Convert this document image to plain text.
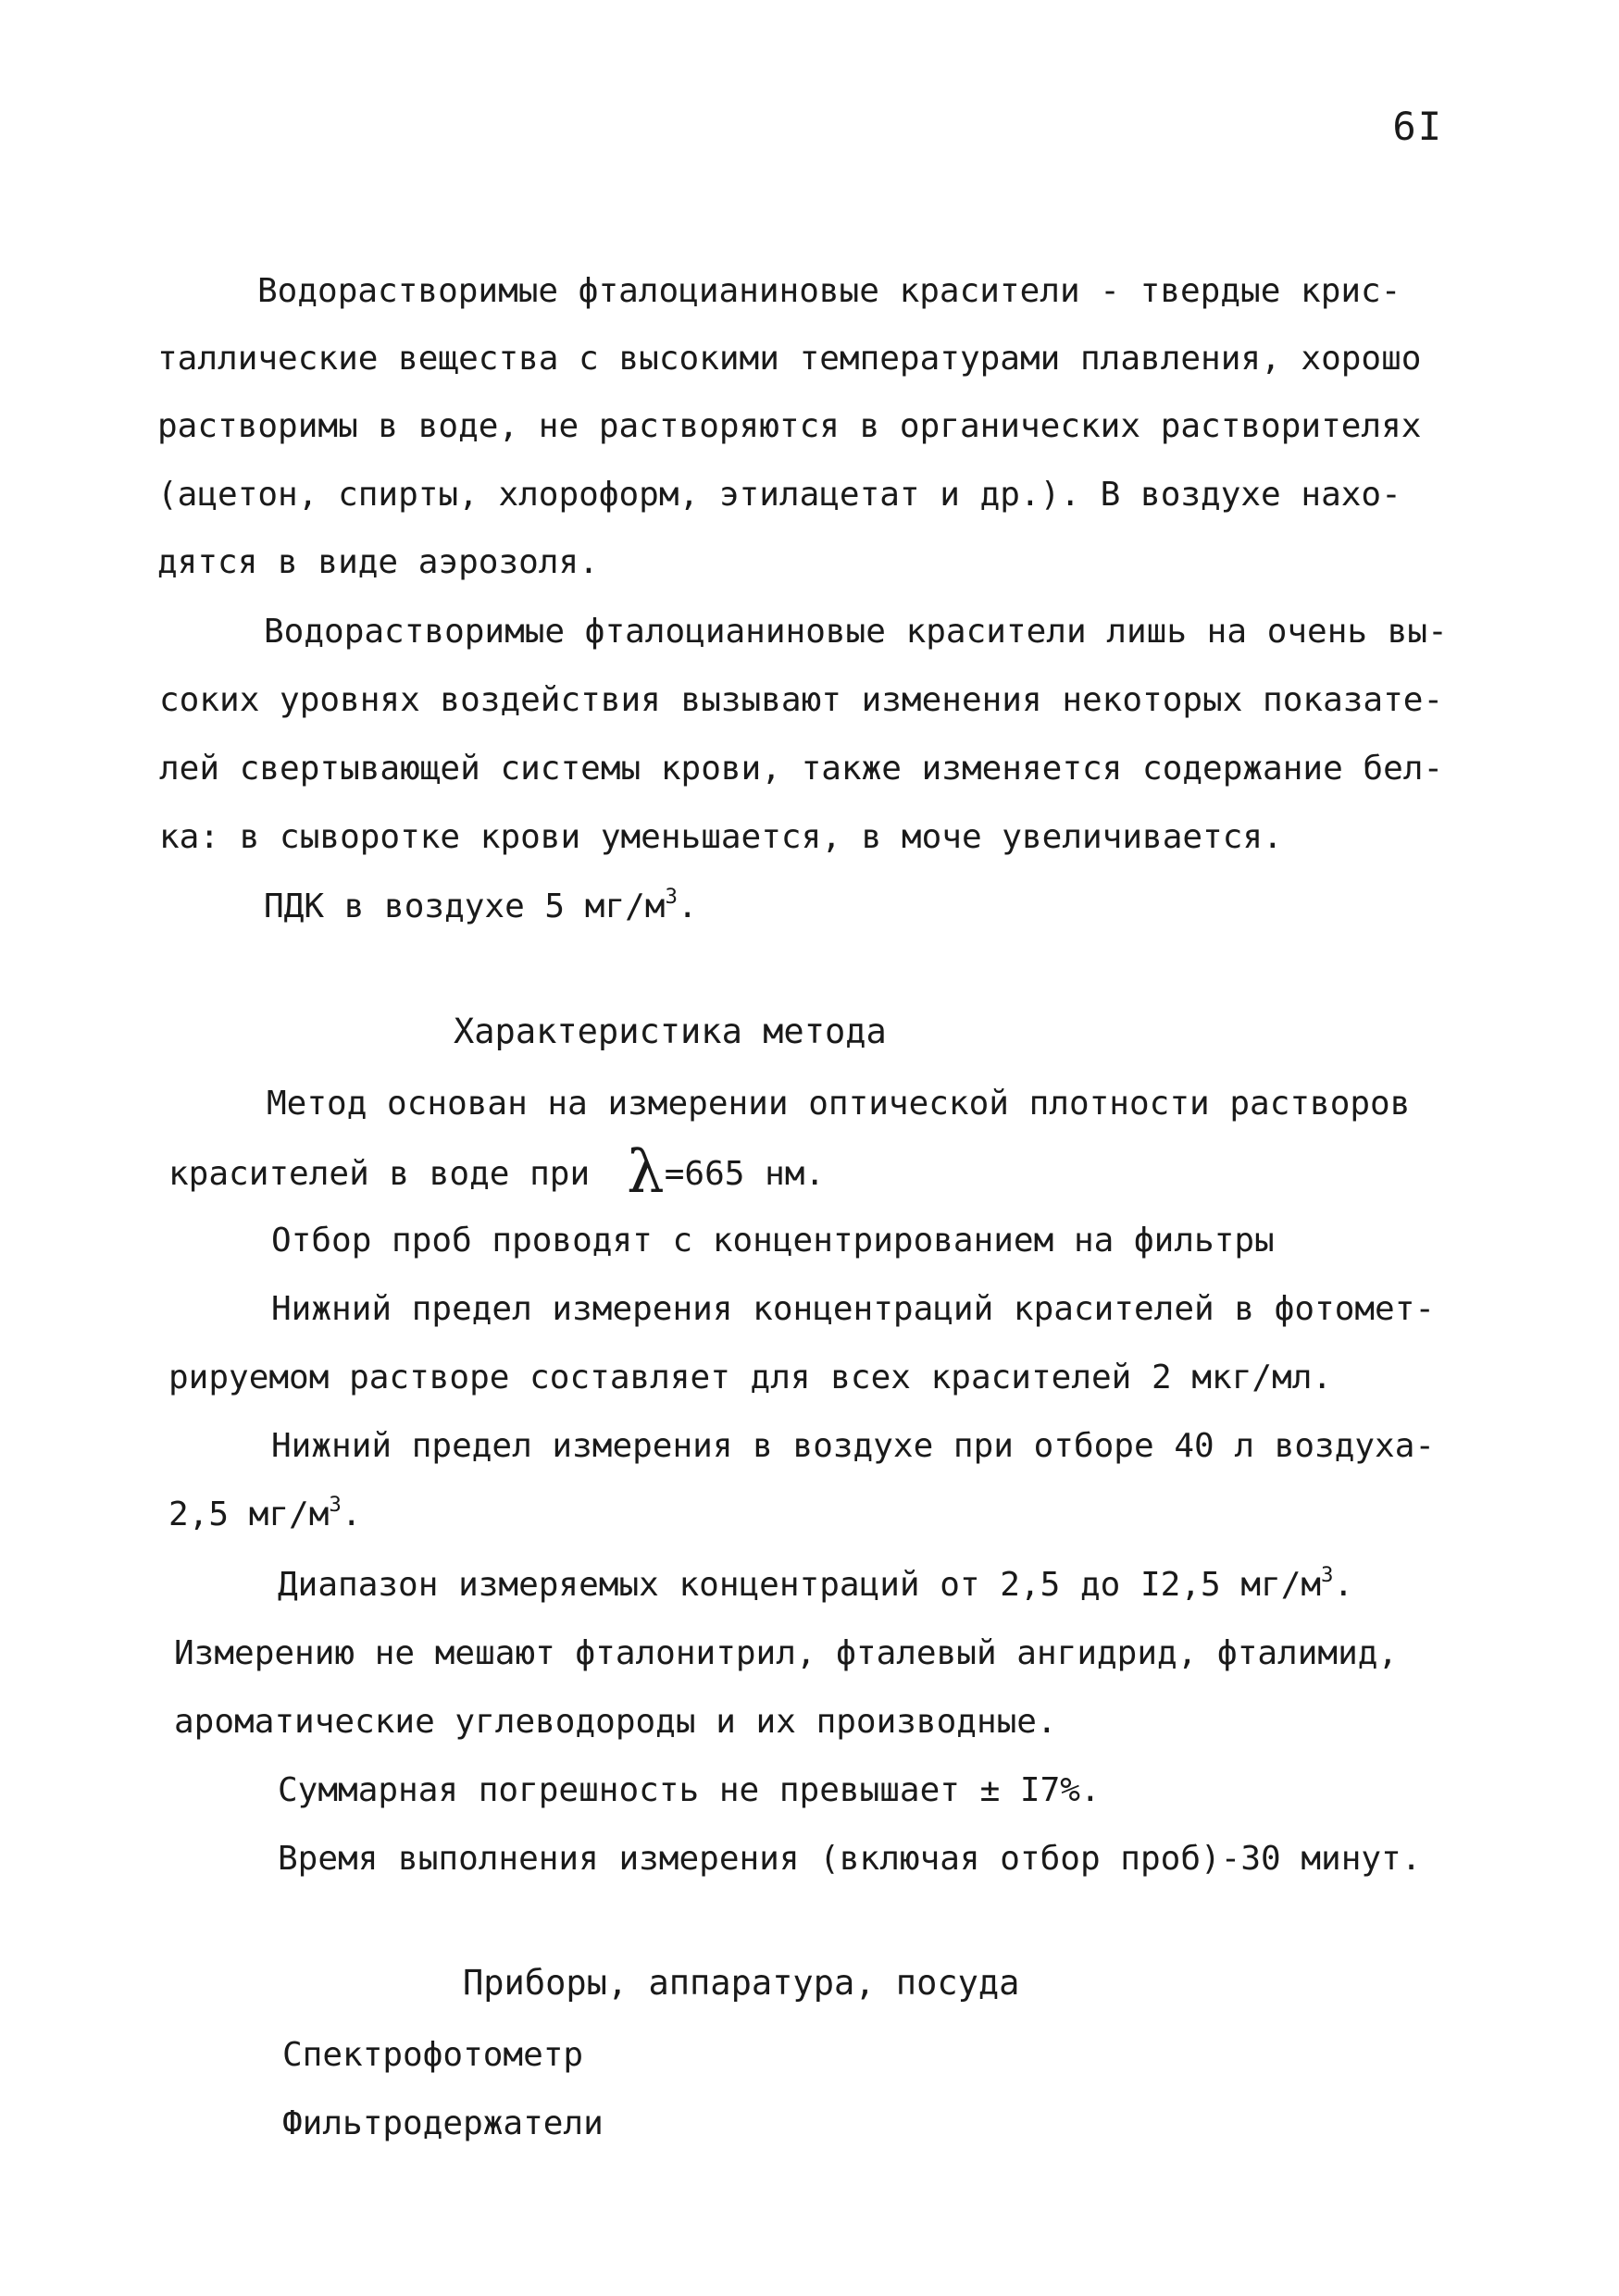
6I
Водорастворимые фталоцианиновые красители - твердые крис-
таллические вещества с высокими температурами плавления, хорошо
растворимы в воде, не растворяются в органических растворителях
(ацетон, спирты, хлороформ, этилацетат и др.). В воздухе нахо-
дятся в виде аэрозоля.
Водорастворимые фталоцианиновые красители лишь на очень вы-
соких уровнях воздействия вызывают изменения некоторых показате-
лей свертывающей системы крови, также изменяется содержание бел-
ка: в сыворотке крови уменьшается, в моче увеличивается.
ПДК в воздухе 5 $мг/м^3$.
Характеристика метода
Метод основан на измерении оптической плотности растворов
красителей в воде при λ=665 нм.
Отбор проб проводят с концентрированием на фильтры
Нижний предел измерения концентраций красителей в фотомет-
рируемом растворе составляет для всех красителей 2 мкг/мл.
Нижний предел измерения в воздухе при отборе 40 л воздуха-
2,5 $мг/м^3$.
Диапазон измеряемых концентраций от 2,5 до I2,5 $мг/м^3$.
Измерению не мешают фталонитрил, фталевый ангидрид, фталимид,
ароматические углеводороды и их производные.
Суммарная погрешность не превышает ± I7%.
Время выполнения измерения (включая отбор проб)-30 минут.
Приборы, аппаратура, посуда
Спектрофотометр
Фильтродержатели
